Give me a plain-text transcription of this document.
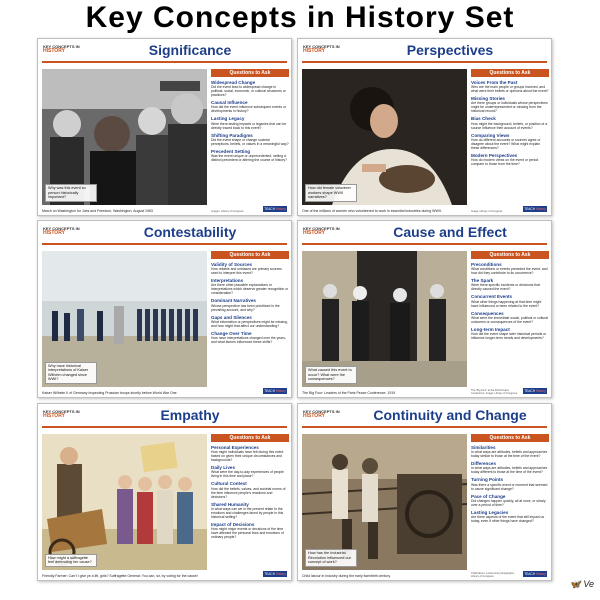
Key Concepts in History Set
KEY CONCEPTS IN
HISTORY	Significance
Why was this event so person historically important?
Questions to Ask
Widespread Change
Did the event lead to widespread change in political, social, economic, or cultural structures or practices?
Causal Influence
How did the event influence subsequent events or developments in history?
Lasting Legacy
Were there lasting impacts or legacies that can be directly traced back to this event?
Shifting Paradigms
Did the event shape or change societal perceptions, beliefs, or values in a meaningful way?
Precedent Setting
Was the event unique or unprecedented, setting a distinct precedent or altering the course of history?
March on Washington for Jobs and Freedom, Washington, August 1963	Images: Library of Congress
TEACH History
KEY CONCEPTS IN
HISTORY	Perspectives
How did female volunteer workers shape WWII narratives?
Questions to Ask
Voices From the Past
Who are the main people or groups involved, and what were their beliefs or opinions about the event?
Missing Stories
Are there groups or individuals whose perspectives might be underrepresented or missing from the historical record?
Bias Check
How might the background, beliefs, or position of a source influence their account of events?
Comparing Views
How do different accounts or sources agree or disagree about the event? What might explain these differences?
Modern Perspectives
How do modern views on the event or period compare to those from the time?
One of the millions of women who volunteered to work in essential industries during WWII.	Image: Library of Congress
TEACH History
KEY CONCEPTS IN
HISTORY	Contestability
Why have historical interpretations of Kaiser Wilhelm changed since WWI?
Questions to Ask
Validity of Sources
How reliable and unbiased are primary sources used to interpret this event?
Interpretations
Are there other plausible explanations or interpretations which deserve greater recognition or consideration?
Dominant Narratives
Whose perspective has been prioritised in the prevailing account, and why?
Gaps and Silences
What information or perspectives might be missing, and how might that affect our understanding?
Change Over Time
How have interpretations changed over the years, and what factors influenced these shifts?
Kaiser Wilhelm II of Germany inspecting Prussian troops shortly before World War One.	TEACH History
KEY CONCEPTS IN
HISTORY	Cause and Effect
What caused this event to occur? What were the consequences?
Questions to Ask
Preconditions
What conditions or events preceded the event, and how did they contribute to its occurrence?
The Spark
Were there specific incidents or decisions that directly caused the event?
Concurrent Events
What other things happening at that time might have influenced or been related to the event?
Consequences
What were the immediate social, political or cultural outcomes or consequences of the event?
Long-term Impact
How did the event shape later historical periods or influence longer-term trends and developments?
The Big Four: Leaders of the Paris Peace Conference, 1919
The 'Big Four' at the Paris Peace Conference. Image: Library of Congress
TEACH History
KEY CONCEPTS IN
HISTORY	Empathy
How might a suffragette feel defending her cause?
Questions to Ask
Personal Experiences
How might individuals have felt during this event based on given their unique circumstances and backgrounds?
Daily Lives
What were the day-to-day experiences of people living in this time and place?
Cultural Context
How did the beliefs, values, and societal norms of the time influence people's reactions and decisions?
Shared Humanity
In what ways can we in the present relate to the emotions and challenges faced by people in this historical setting?
Impact of Decisions
How might major events or decisions of the time have affected the personal lives and emotions of ordinary people?
Friendly Farmer: Can't I give ye a lift, girls? Suffragette General: You can, sir, by voting for the cause!	TEACH History
KEY CONCEPTS IN
HISTORY	Continuity and Change
How has the Industrial Revolution influenced our concept of work?
Questions to Ask
Similarities
In what ways are attitudes, beliefs and approaches today similar to those at the time of the event?
Differences
In what ways are attitudes, beliefs and approaches today different to those at the time of the event?
Turning Points
Was there a specific event or moment that seemed to cause significant change?
Pace of Change
Did changes happen quickly, all at once, or slowly over a period of time?
Lasting Legacies
Are there aspects of the event that still impact us today, even if other things have changed?
Child labour in industry during the early twentieth century.
Child labour. Lewis Hine photographs. Library of Congress
TEACH History
🦋 Ve
